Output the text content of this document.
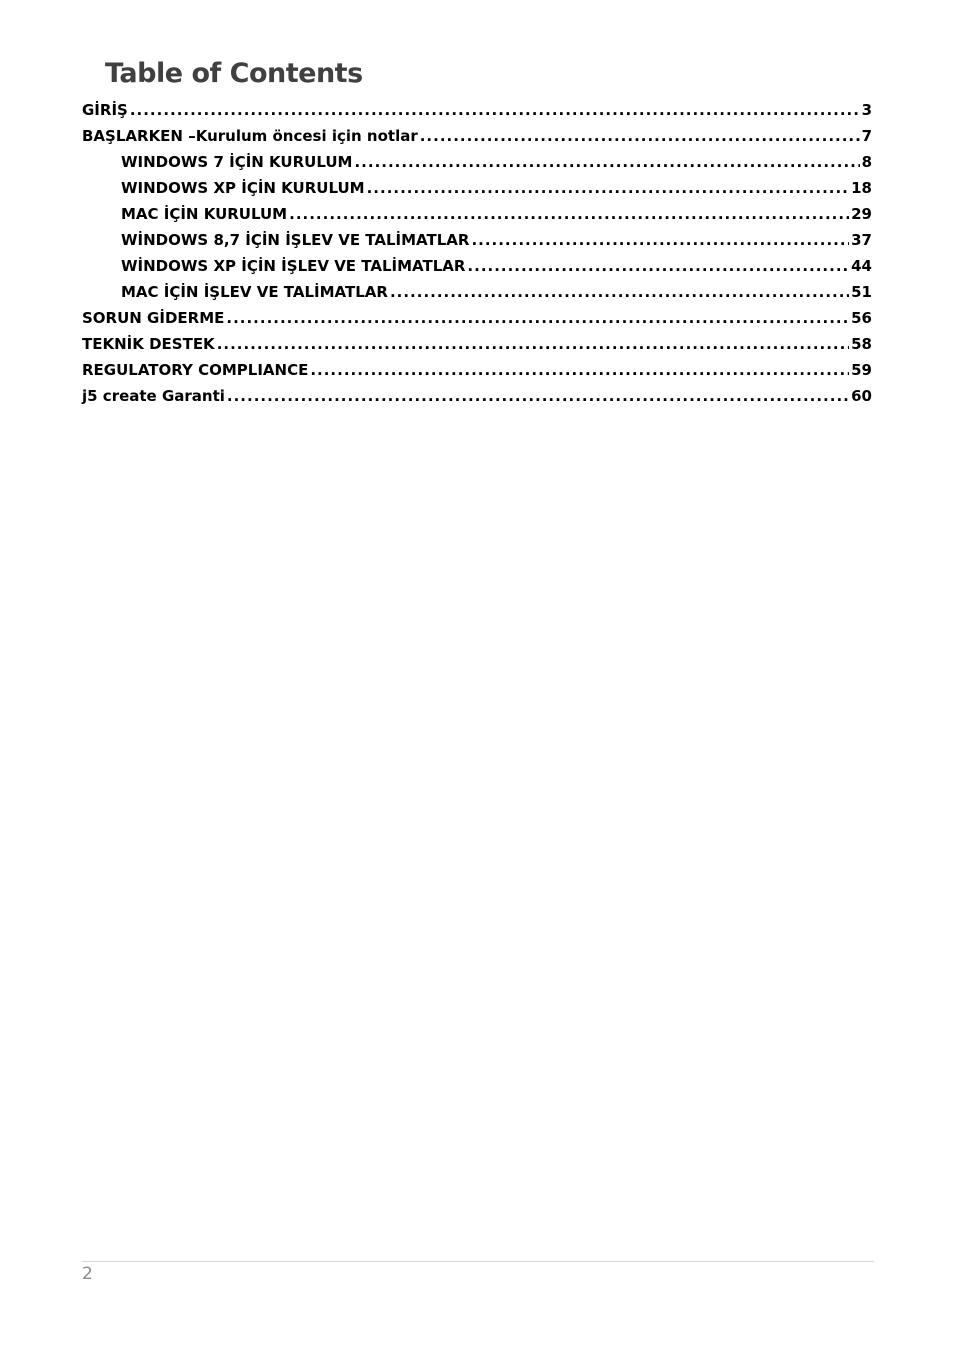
Table of Contents
GİRİŞ .....	3
BAŞLARKEN –Kurulum öncesi için notlar .....	7
WINDOWS 7 İÇİN KURULUM .....	8
WINDOWS XP İÇİN KURULUM .....	18
MAC İÇİN KURULUM .....	29
WİNDOWS 8,7 İÇİN İŞLEV VE TALİMATLAR .....	37
WİNDOWS XP İÇİN İŞLEV VE TALİMATLAR .....	44
MAC İÇİN İŞLEV VE TALİMATLAR .....	51
SORUN GİDERME .....	56
TEKNİK DESTEK .....	58
REGULATORY COMPLIANCE .....	59
j5 create Garanti .....	60
2
